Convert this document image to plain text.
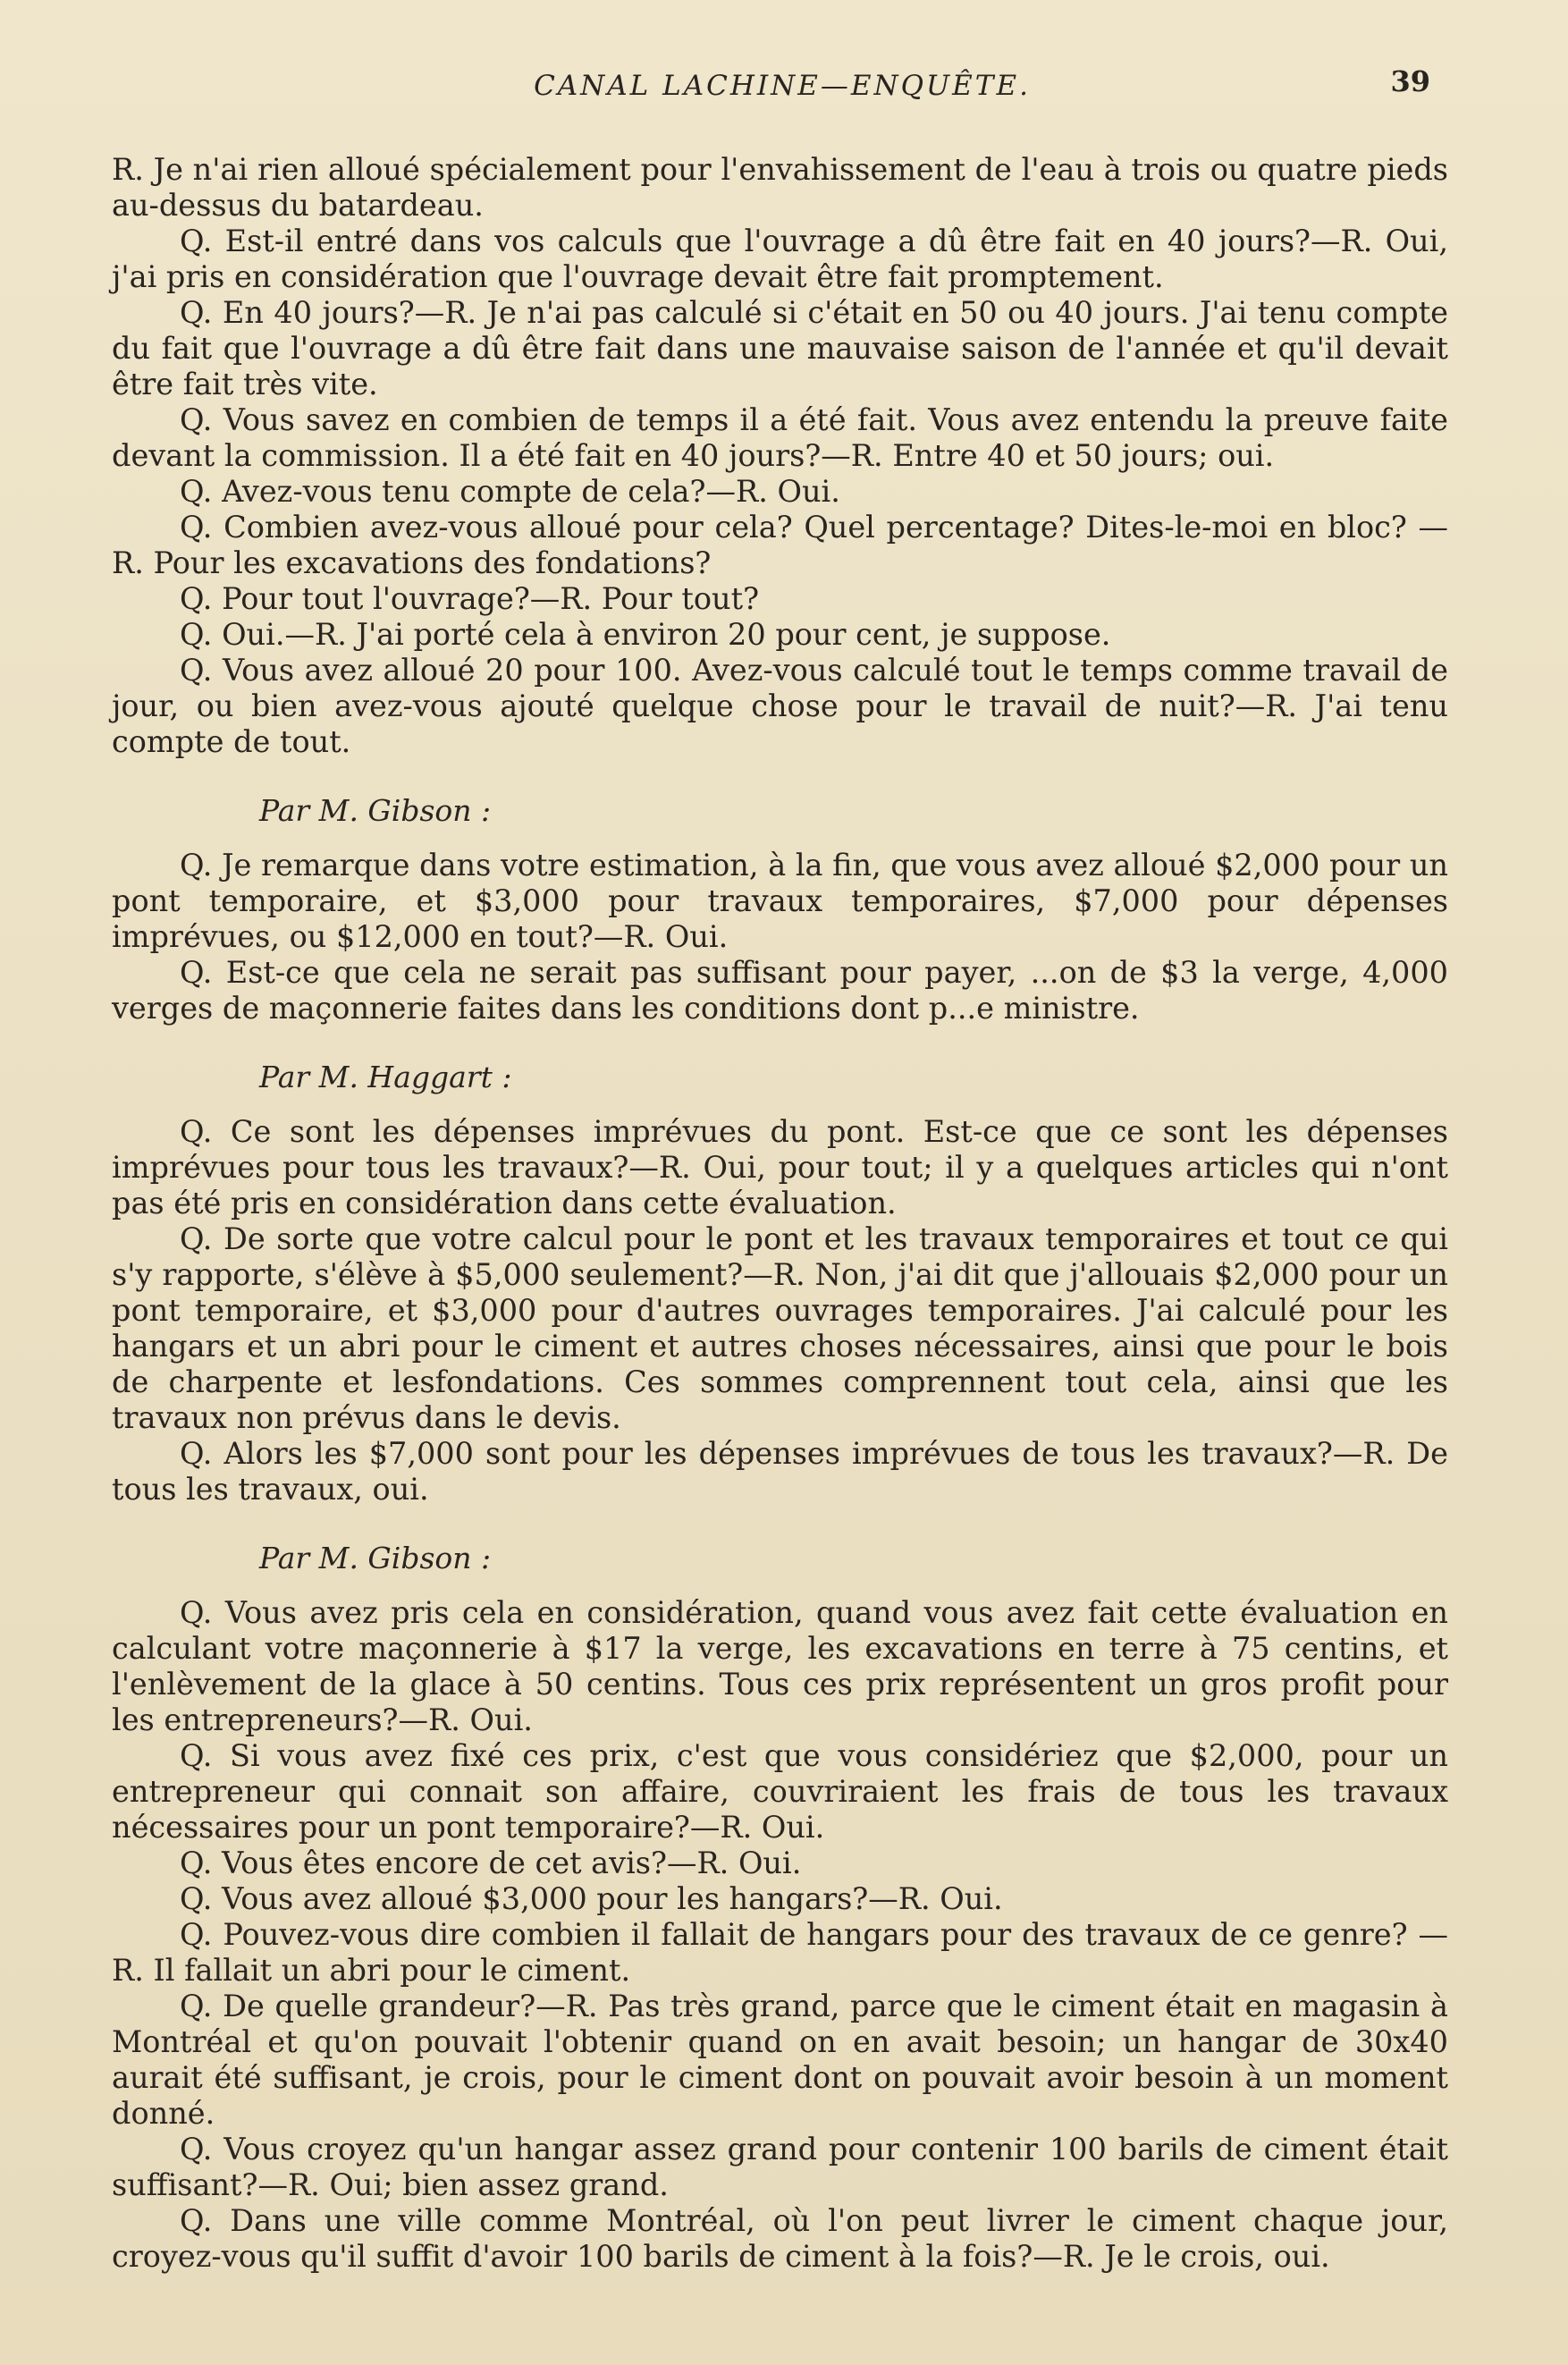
CANAL LACHINE—ENQUÊTE.	39

R. Je n'ai rien alloué spécialement pour l'envahissement de l'eau à trois ou quatre pieds au-dessus du batardeau.

Q. Est-il entré dans vos calculs que l'ouvrage a dû être fait en 40 jours?—R. Oui, j'ai pris en considération que l'ouvrage devait être fait promptement.

Q. En 40 jours?—R. Je n'ai pas calculé si c'était en 50 ou 40 jours. J'ai tenu compte du fait que l'ouvrage a dû être fait dans une mauvaise saison de l'année et qu'il devait être fait très vite.

Q. Vous savez en combien de temps il a été fait. Vous avez entendu la preuve faite devant la commission. Il a été fait en 40 jours?—R. Entre 40 et 50 jours; oui.

Q. Avez-vous tenu compte de cela?—R. Oui.

Q. Combien avez-vous alloué pour cela? Quel percentage? Dites-le-moi en bloc? —R. Pour les excavations des fondations?

Q. Pour tout l'ouvrage?—R. Pour tout?

Q. Oui.—R. J'ai porté cela à environ 20 pour cent, je suppose.

Q. Vous avez alloué 20 pour 100. Avez-vous calculé tout le temps comme travail de jour, ou bien avez-vous ajouté quelque chose pour le travail de nuit?—R. J'ai tenu compte de tout.

Par M. Gibson :

Q. Je remarque dans votre estimation, à la fin, que vous avez alloué $2,000 pour un pont temporaire, et $3,000 pour travaux temporaires, $7,000 pour dépenses imprévues, ou $12,000 en tout?—R. Oui.

Q. Est-ce que cela ne serait pas suffisant pour payer, ...on de $3 la verge, 4,000 verges de maçonnerie faites dans les conditions dont p...e ministre.

Par M. Haggart :

Q. Ce sont les dépenses imprévues du pont. Est-ce que ce sont les dépenses imprévues pour tous les travaux?—R. Oui, pour tout; il y a quelques articles qui n'ont pas été pris en considération dans cette évaluation.

Q. De sorte que votre calcul pour le pont et les travaux temporaires et tout ce qui s'y rapporte, s'élève à $5,000 seulement?—R. Non, j'ai dit que j'allouais $2,000 pour un pont temporaire, et $3,000 pour d'autres ouvrages temporaires. J'ai calculé pour les hangars et un abri pour le ciment et autres choses nécessaires, ainsi que pour le bois de charpente et lesfondations. Ces sommes comprennent tout cela, ainsi que les travaux non prévus dans le devis.

Q. Alors les $7,000 sont pour les dépenses imprévues de tous les travaux?—R. De tous les travaux, oui.

Par M. Gibson :

Q. Vous avez pris cela en considération, quand vous avez fait cette évaluation en calculant votre maçonnerie à $17 la verge, les excavations en terre à 75 centins, et l'enlèvement de la glace à 50 centins. Tous ces prix représentent un gros profit pour les entrepreneurs?—R. Oui.

Q. Si vous avez fixé ces prix, c'est que vous considériez que $2,000, pour un entrepreneur qui connait son affaire, couvriraient les frais de tous les travaux nécessaires pour un pont temporaire?—R. Oui.

Q. Vous êtes encore de cet avis?—R. Oui.

Q. Vous avez alloué $3,000 pour les hangars?—R. Oui.

Q. Pouvez-vous dire combien il fallait de hangars pour des travaux de ce genre? —R. Il fallait un abri pour le ciment.

Q. De quelle grandeur?—R. Pas très grand, parce que le ciment était en magasin à Montréal et qu'on pouvait l'obtenir quand on en avait besoin; un hangar de 30x40 aurait été suffisant, je crois, pour le ciment dont on pouvait avoir besoin à un moment donné.

Q. Vous croyez qu'un hangar assez grand pour contenir 100 barils de ciment était suffisant?—R. Oui; bien assez grand.

Q. Dans une ville comme Montréal, où l'on peut livrer le ciment chaque jour, croyez-vous qu'il suffit d'avoir 100 barils de ciment à la fois?—R. Je le crois, oui.
